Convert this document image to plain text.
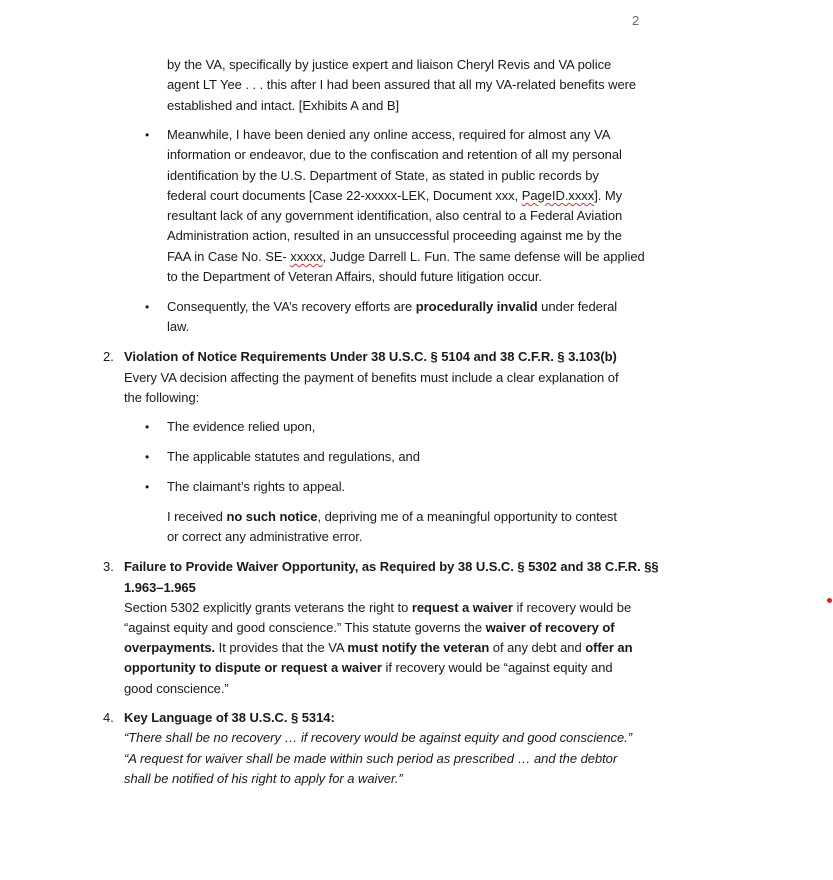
2
by the VA, specifically by justice expert and liaison Cheryl Revis and VA police
agent LT Yee . . . this after I had been assured that all my VA-related benefits were
established and intact. [Exhibits A and B]
• Meanwhile, I have been denied any online access, required for almost any VA
information or endeavor, due to the confiscation and retention of all my personal
identification by the U.S. Department of State, as stated in public records by
federal court documents [Case 22-xxxxx-LEK, Document xxx, PageID.xxxx]. My
resultant lack of any government identification, also central to a Federal Aviation
Administration action, resulted in an unsuccessful proceeding against me by the
FAA in Case No. SE- xxxxx, Judge Darrell L. Fun. The same defense will be applied
to the Department of Veteran Affairs, should future litigation occur.
• Consequently, the VA’s recovery efforts are procedurally invalid under federal
law.
2. Violation of Notice Requirements Under 38 U.S.C. § 5104 and 38 C.F.R. § 3.103(b)
Every VA decision affecting the payment of benefits must include a clear explanation of
the following:
• The evidence relied upon,
• The applicable statutes and regulations, and
• The claimant’s rights to appeal.
I received no such notice, depriving me of a meaningful opportunity to contest
or correct any administrative error.
3. Failure to Provide Waiver Opportunity, as Required by 38 U.S.C. § 5302 and 38 C.F.R. §§
1.963–1.965
Section 5302 explicitly grants veterans the right to request a waiver if recovery would be
“against equity and good conscience.” This statute governs the waiver of recovery of
overpayments. It provides that the VA must notify the veteran of any debt and offer an
opportunity to dispute or request a waiver if recovery would be “against equity and
good conscience.”
4. Key Language of 38 U.S.C. § 5314:
“There shall be no recovery … if recovery would be against equity and good conscience.”
“A request for waiver shall be made within such period as prescribed … and the debtor
shall be notified of his right to apply for a waiver.”
